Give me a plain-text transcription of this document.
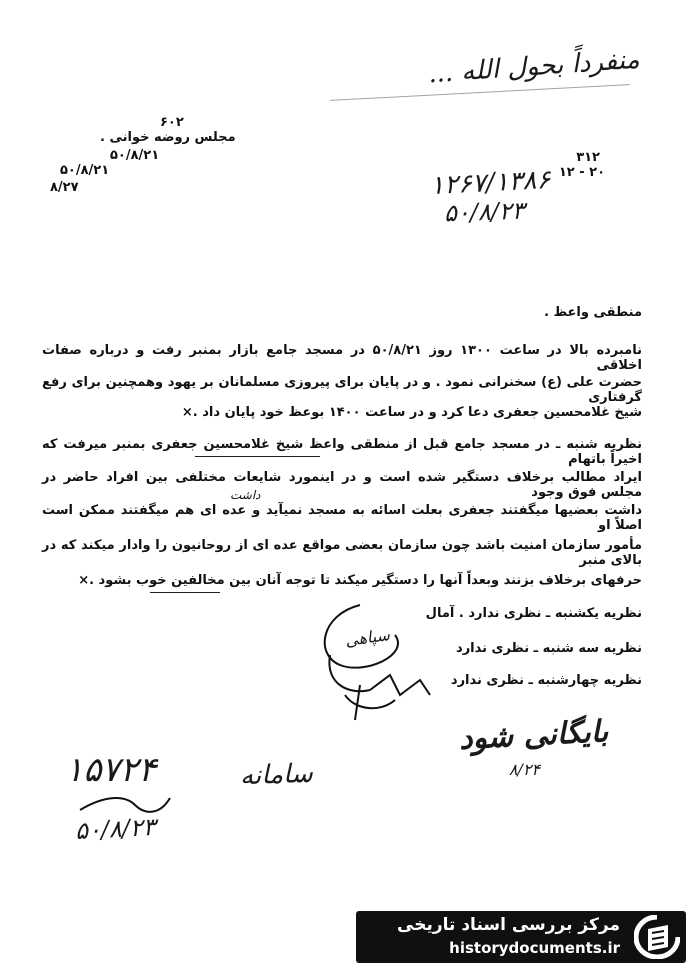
منفرداً بحول الله ...
۶۰۲
مجلس روضه خوانی .
۵۰/۸/۲۱
۵۰/۸/۲۱
۸/۲۷
۳۱۲
۱۲ - ۲۰
۱۲۶۷/۱۳۸۶
۵۰/۸/۲۳
منطقی واعظ .
نامبرده بالا در ساعت ۱۳۰۰ روز ۵۰/۸/۲۱ در مسجد جامع بازار بمنبر رفت و درباره صفات اخلاقی
حضرت علی (ع) سخنرانی نمود . و در پایان برای پیروزی مسلمانان بر یهود وهمچنین برای رفع گرفتاری
شیخ غلامحسین جعفری دعا کرد و در ساعت ۱۴۰۰ بوعظ خود پایان داد .×
نظریه شنبه ـ در مسجد جامع قبل از منطقی واعظ شیخ غلامحسین جعفری بمنبر میرفت که اخیراً باتهام
ایراد مطالب برخلاف دستگیر شده است و در اینمورد شایعات مختلفی بین افراد حاضر در مجلس فوق وجود
داشت بعضیها میگفتند جعفری بعلت اسائه به مسجد نمیآید و عده ای هم میگفتند ممکن است اصلاً او
مأمور سازمان امنیت باشد چون سازمان بعضی مواقع عده ای از روحانیون را وادار میکند که در بالای منبر
حرفهای برخلاف بزنند وبعداً آنها را دستگیر میکند تا توجه آنان بین مخالفین خوب بشود .×
نظریه یکشنبه ـ نظری ندارد . آمال
نظریه سه شنبه ـ نظری ندارد
نظریه چهارشنبه ـ نظری ندارد
داشت
سپاهی
بایگانی شود
۸/۲۴
۱۵۷۲۴
۵۰/۸/۲۳
سامانه
مرکز بررسی اسناد تاریخی
historydocuments.ir
